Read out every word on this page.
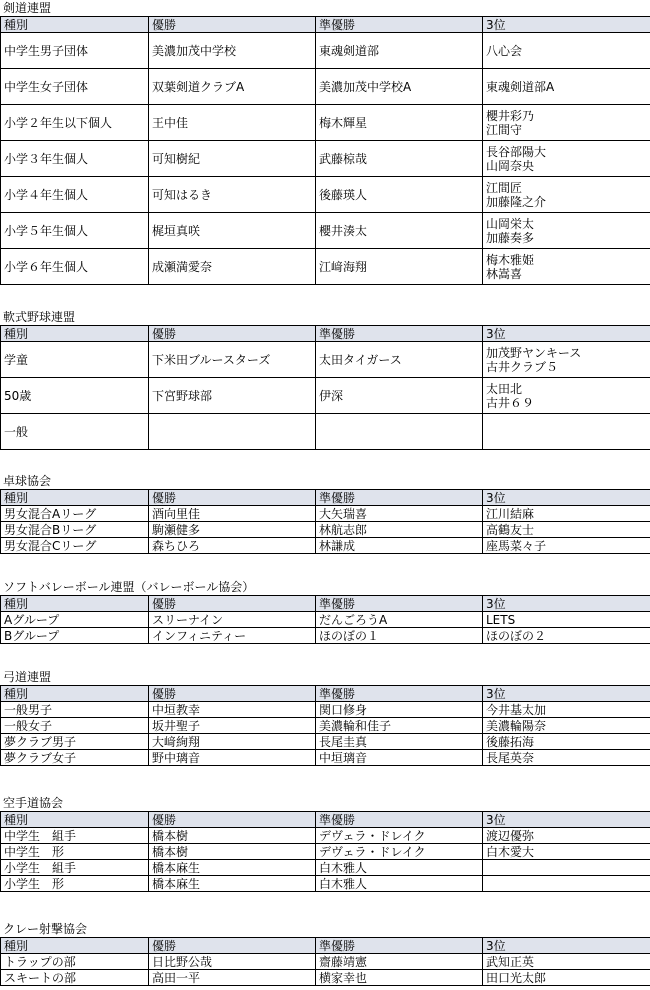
剣道連盟
種別	優勝	準優勝	3位
中学生男子団体	美濃加茂中学校	東魂剣道部	八心会
中学生女子団体	双葉剣道クラブA	美濃加茂中学校A	東魂剣道部A
小学２年生以下個人	王中佳	梅木輝星	櫻井彩乃
江間守

小学３年生個人	可知樹紀	武藤椋哉	長谷部陽大
山岡奈央

小学４年生個人	可知はるき	後藤瑛人	江間匠
加藤隆之介

小学５年生個人	梶垣真咲	櫻井湊太	山岡栄太
加藤奏多

小学６年生個人	成瀬満愛奈	江﨑海翔	梅木雅姫
林嵩喜
軟式野球連盟
種別	優勝	準優勝	3位
学童	下米田ブルースターズ	太田タイガース	加茂野ヤンキース
古井クラブ５

50歳	下宮野球部	伊深	太田北
古井６９

一般			
卓球協会
種別	優勝	準優勝	3位
男女混合Aリーグ	酒向里佳	大矢瑞喜	江川結麻
男女混合Bリーグ	駒瀬健多	林航志郎	高鶴友士
男女混合Cリーグ	森ちひろ	林謙成	座馬菜々子
ソフトバレーボール連盟（バレーボール協会）
種別	優勝	準優勝	3位
Aグループ	スリーナイン	だんごろうA	LETS
Bグループ	インフィニティー	ほのぼの１	ほのぼの２
弓道連盟
種別	優勝	準優勝	3位
一般男子	中垣教幸	関口修身	今井基太加
一般女子	坂井聖子	美濃輪和佳子	美濃輪陽奈
夢クラブ男子	大﨑絢翔	長尾圭真	後藤拓海
夢クラブ女子	野中璃音	中垣璃音	長尾英奈
空手道協会
種別	優勝	準優勝	3位
中学生　組手	橋本樹	デヴェラ・ドレイク	渡辺優弥
中学生　形	橋本樹	デヴェラ・ドレイク	白木愛大
小学生　組手	橋本麻生	白木雅人	
小学生　形	橋本麻生	白木雅人	
クレー射撃協会
種別	優勝	準優勝	3位
トラップの部	日比野公哉	齋藤靖憲	武知正英
スキートの部	高田一平	横家幸也	田口光太郎
